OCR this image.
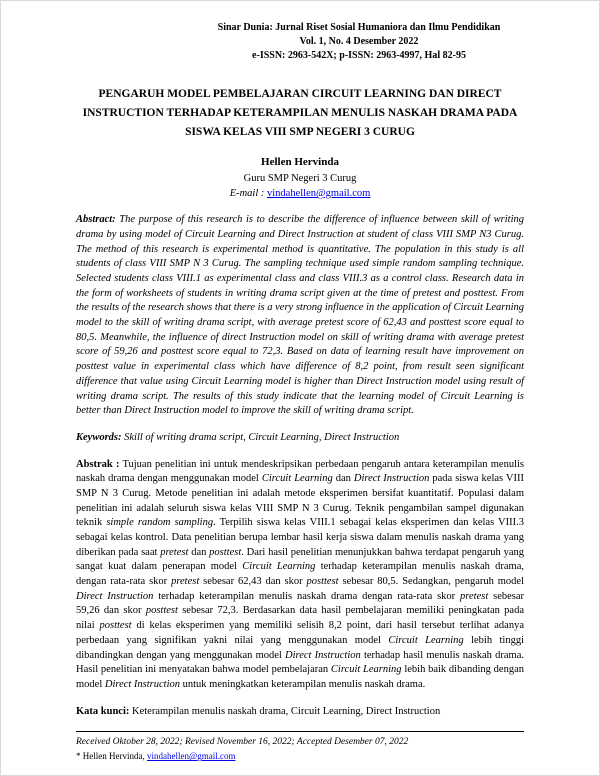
Sinar Dunia: Jurnal Riset Sosial Humaniora dan Ilmu Pendidikan
Vol. 1, No. 4 Desember 2022
e-ISSN: 2963-542X; p-ISSN: 2963-4997, Hal 82-95
PENGARUH MODEL PEMBELAJARAN CIRCUIT LEARNING DAN DIRECT INSTRUCTION TERHADAP KETERAMPILAN MENULIS NASKAH DRAMA PADA SISWA KELAS VIII SMP NEGERI 3 CURUG
Hellen Hervinda
Guru SMP Negeri 3 Curug
E-mail : vindahellen@gmail.com

Abstract: The purpose of this research is to describe the difference of influence between skill of writing drama by using model of Circuit Learning and Direct Instruction at student of class VIII SMP N3 Curug. The method of this research is experimental method is quantitative. The population in this study is all students of class VIII SMP N 3 Curug. The sampling technique used simple random sampling technique. Selected students class VIII.1 as experimental class and class VIII.3 as a control class. Research data in the form of worksheets of students in writing drama script given at the time of pretest and posttest. From the results of the research shows that there is a very strong influence in the application of Circuit Learning model to the skill of writing drama script, with average pretest score of 62,43 and posttest score equal to 80,5. Meanwhile, the influence of direct Instruction model on skill of writing drama with average pretest score of 59,26 and posttest score equal to 72,3. Based on data of learning result have improvement on posttest value in experimental class which have difference of 8,2 point, from result seen significant difference that value using Circuit Learning model is higher than Direct Instruction model using result of writing drama script. The results of this study indicate that the learning model of Circuit Learning is better than Direct Instruction model to improve the skill of writing drama script.

Keywords: Skill of writing drama script, Circuit Learning, Direct Instruction

Abstrak : Tujuan penelitian ini untuk mendeskripsikan perbedaan pengaruh antara keterampilan menulis naskah drama dengan menggunakan model Circuit Learning dan Direct Instruction pada siswa kelas VIII SMP N 3 Curug. Metode penelitian ini adalah metode eksperimen bersifat kuantitatif. Populasi dalam penelitian ini adalah seluruh siswa kelas VIII SMP N 3 Curug. Teknik pengambilan sampel digunakan teknik simple random sampling. Terpilih siswa kelas VIII.1 sebagai kelas eksperimen dan kelas VIII.3 sebagai kelas kontrol. Data penelitian berupa lembar hasil kerja siswa dalam menulis naskah drama yang diberikan pada saat pretest dan posttest. Dari hasil penelitian menunjukkan bahwa terdapat pengaruh yang sangat kuat dalam penerapan model Circuit Learning terhadap keterampilan menulis naskah drama, dengan rata-rata skor pretest sebesar 62,43 dan skor posttest sebesar 80,5. Sedangkan, pengaruh model Direct Instruction terhadap keterampilan menulis naskah drama dengan rata-rata skor pretest sebesar 59,26 dan skor posttest sebesar 72,3. Berdasarkan data hasil pembelajaran memiliki peningkatan pada nilai posttest di kelas eksperimen yang memiliki selisih 8,2 point, dari hasil tersebut terlihat adanya perbedaan yang signifikan yakni nilai yang menggunakan model Circuit Learning lebih tinggi dibandingkan dengan yang menggunakan model Direct Instruction terhadap hasil menulis naskah drama. Hasil penelitian ini menyatakan bahwa model pembelajaran Circuit Learning lebih baik dibanding dengan model Direct Instruction untuk meningkatkan keterampilan menulis naskah drama.

Kata kunci: Keterampilan menulis naskah drama, Circuit Learning, Direct Instruction

Received Oktober 28, 2022; Revised November 16, 2022; Accepted Desember 07, 2022
* Hellen Hervinda, vindahellen@gmail.com
